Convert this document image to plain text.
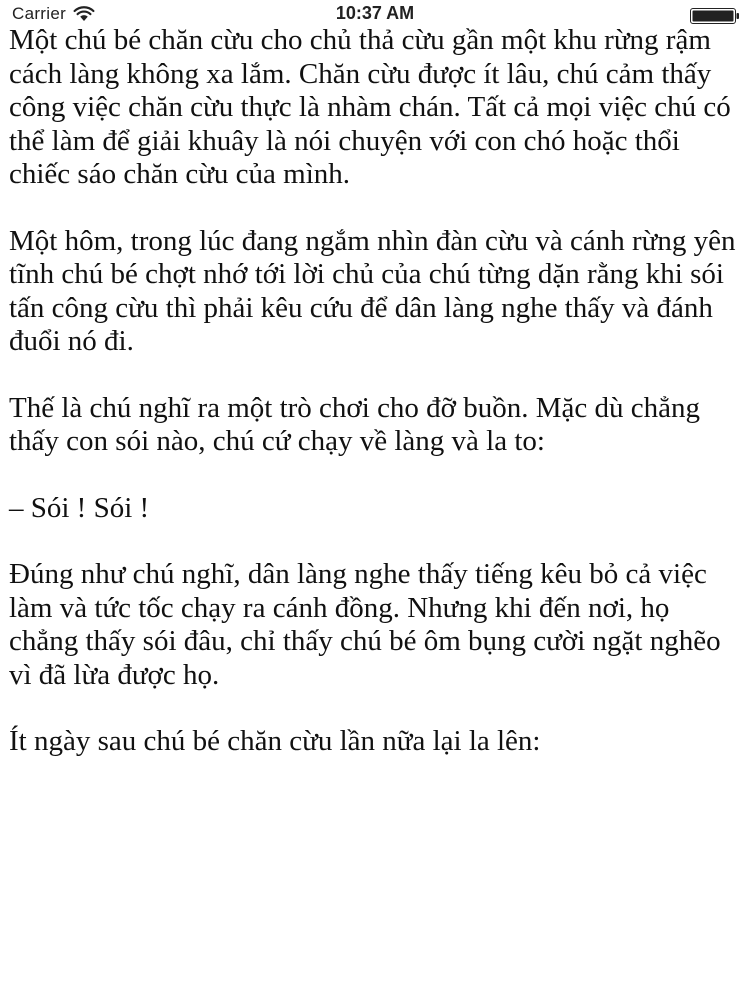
Carrier	10:37 AM

Một chú bé chăn cừu cho chủ thả cừu gần một khu rừng rậm cách làng không xa lắm. Chăn cừu được ít lâu, chú cảm thấy công việc chăn cừu thực là nhàm chán. Tất cả mọi việc chú có thể làm để giải khuây là nói chuyện với con chó hoặc thổi chiếc sáo chăn cừu của mình.

Một hôm, trong lúc đang ngắm nhìn đàn cừu và cánh rừng yên tĩnh chú bé chợt nhớ tới lời chủ của chú từng dặn rằng khi sói tấn công cừu thì phải kêu cứu để dân làng nghe thấy và đánh đuổi nó đi.

Thế là chú nghĩ ra một trò chơi cho đỡ buồn. Mặc dù chẳng thấy con sói nào, chú cứ chạy về làng và la to:

– Sói ! Sói !

Đúng như chú nghĩ, dân làng nghe thấy tiếng kêu bỏ cả việc làm và tức tốc chạy ra cánh đồng. Nhưng khi đến nơi, họ chẳng thấy sói đâu, chỉ thấy chú bé ôm bụng cười ngặt nghẽo vì đã lừa được họ.

Ít ngày sau chú bé chăn cừu lần nữa lại la lên:
